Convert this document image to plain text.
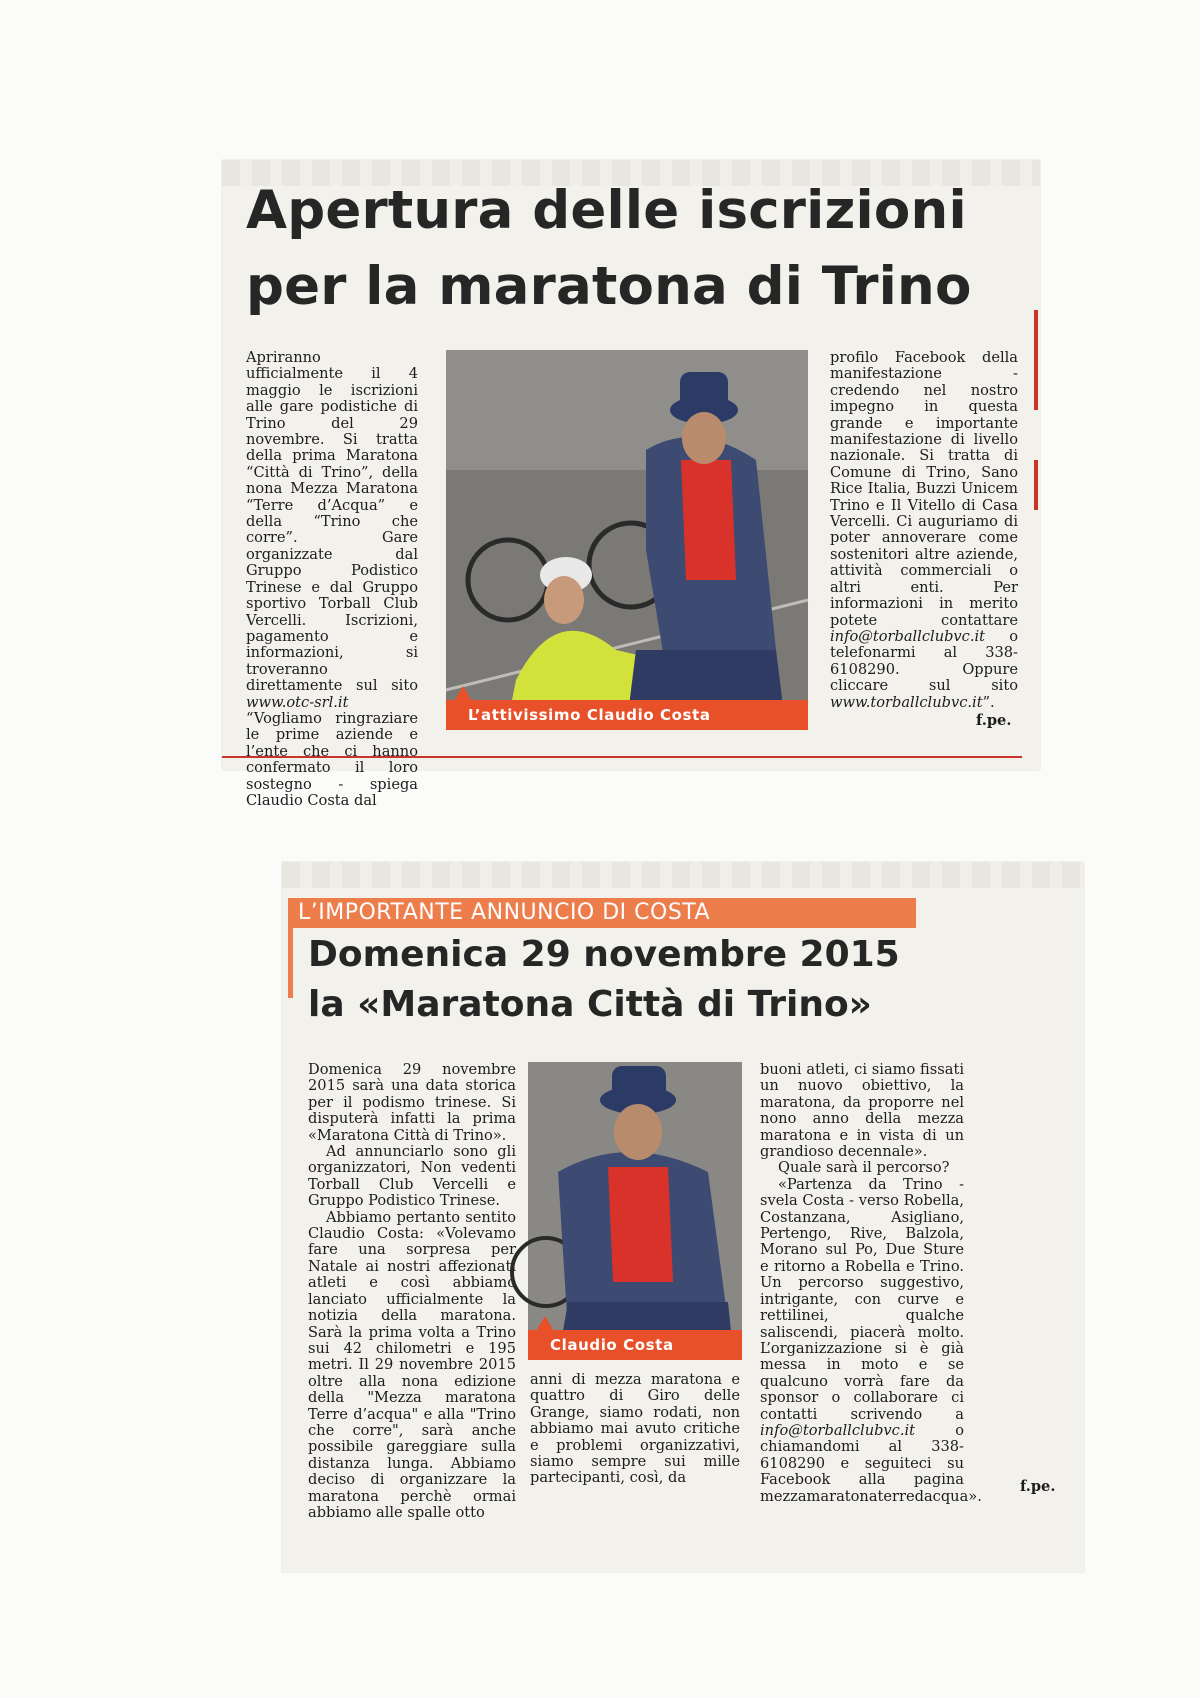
Apertura delle iscrizioni
per la maratona di Trino
Apriranno ufficialmente il 4 maggio le iscrizioni alle gare podistiche di Trino del 29 novembre. Si tratta della prima Maratona “Città di Trino”, della nona Mezza Maratona “Terre d’Acqua” e della “Trino che corre”. Gare organizzate dal Gruppo Podistico Trinese e dal Gruppo sportivo Torball Club Vercelli. Iscrizioni, pagamento e informazioni, si troveranno direttamente sul sito www.otc-srl.it “Vogliamo ringraziare le prime aziende e l’ente che ci hanno confermato il loro sostegno - spiega Claudio Costa dal
L’attivissimo Claudio Costa
profilo Facebook della manifestazione - credendo nel nostro impegno in questa grande e importante manifestazione di livello nazionale. Si tratta di Comune di Trino, Sano Rice Italia, Buzzi Unicem Trino e Il Vitello di Casa Vercelli. Ci auguriamo di poter annoverare come sostenitori altre aziende, attività commerciali o altri enti. Per informazioni in merito potete contattare info@torballclubvc.it o telefonarmi al 338-6108290. Oppure cliccare sul sito www.torballclubvc.it”.
f.pe.
L’IMPORTANTE ANNUNCIO DI COSTA
Domenica 29 novembre 2015
la «Maratona Città di Trino»
Domenica 29 novembre 2015 sarà una data storica per il podismo trinese. Si disputerà infatti la prima «Maratona Città di Trino».
Ad annunciarlo sono gli organizzatori, Non vedenti Torball Club Vercelli e Gruppo Podistico Trinese.
Abbiamo pertanto sentito Claudio Costa: «Volevamo fare una sorpresa per Natale ai nostri affezionati atleti e così abbiamo lanciato ufficialmente la notizia della maratona. Sarà la prima volta a Trino sui 42 chilometri e 195 metri. Il 29 novembre 2015 oltre alla nona edizione della "Mezza maratona Terre d’acqua" e alla "Trino che corre", sarà anche possibile gareggiare sulla distanza lunga. Abbiamo deciso di organizzare la maratona perchè ormai abbiamo alle spalle otto
Claudio Costa
anni di mezza maratona e quattro di Giro delle Grange, siamo rodati, non abbiamo mai avuto critiche e problemi organizzativi, siamo sempre sui mille partecipanti, così, da
buoni atleti, ci siamo fissati un nuovo obiettivo, la maratona, da proporre nel nono anno della mezza maratona e in vista di un grandioso decennale».
Quale sarà il percorso?
«Partenza da Trino - svela Costa - verso Robella, Costanzana, Asigliano, Pertengo, Rive, Balzola, Morano sul Po, Due Sture e ritorno a Robella e Trino. Un percorso suggestivo, intrigante, con curve e rettilinei, qualche saliscendi, piacerà molto. L’organizzazione si è già messa in moto e se qualcuno vorrà fare da sponsor o collaborare ci contatti scrivendo a info@torballclubvc.it	o chiamandomi al 338-6108290 e seguiteci su Facebook alla pagina mezzamaratonaterredacqua».
f.pe.
